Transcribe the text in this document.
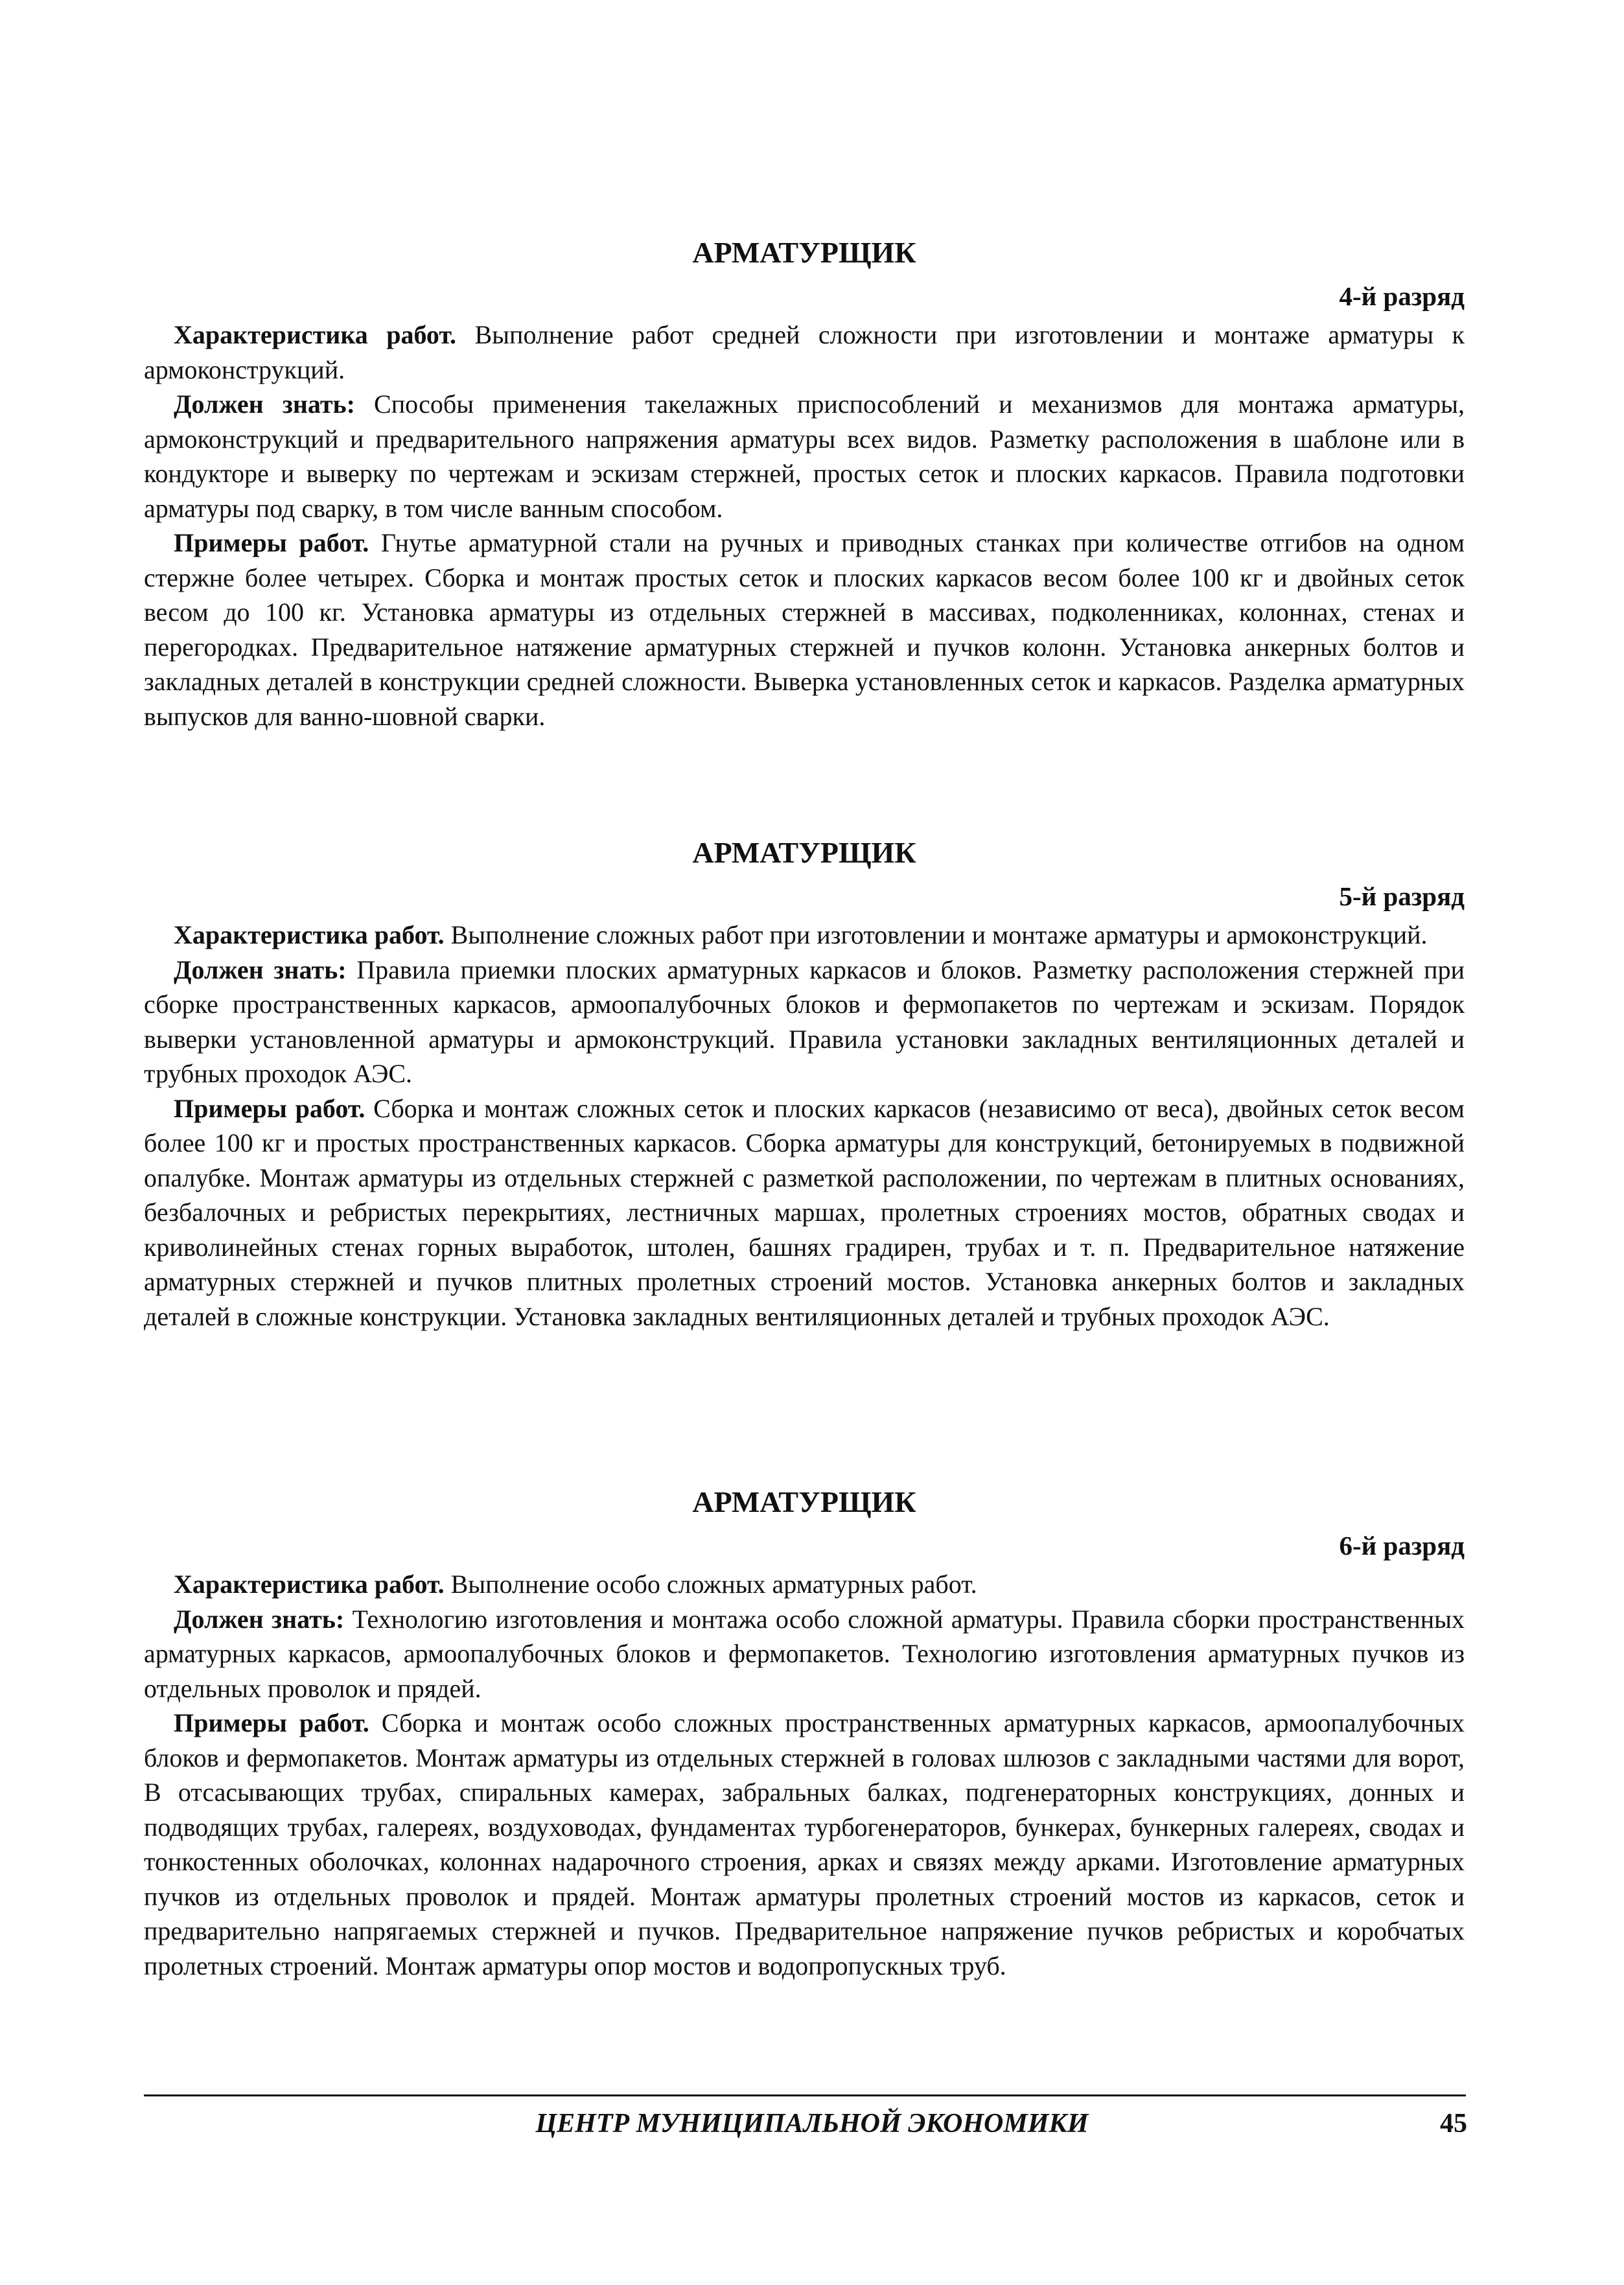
АРМАТУРЩИК
4-й разряд

Характеристика работ. Выполнение работ средней сложности при изготовлении и монтаже арматуры к армоконструкций.

Должен знать: Способы применения такелажных приспособлений и механизмов для монтажа арматуры, армоконструкций и предварительного напряжения арматуры всех видов. Разметку расположения в шаблоне или в кондукторе и выверку по чертежам и эскизам стержней, простых сеток и плоских каркасов. Правила подготовки арматуры под сварку, в том числе ванным способом.

Примеры работ. Гнутье арматурной стали на ручных и приводных станках при количестве отгибов на одном стержне более четырех. Сборка и монтаж простых сеток и плоских каркасов весом более 100 кг и двойных сеток весом до 100 кг. Установка арматуры из отдельных стержней в массивах, подколенниках, колоннах, стенах и перегородках. Предварительное натяжение арматурных стержней и пучков колонн. Установка анкерных болтов и закладных деталей в конструкции средней сложности. Выверка установленных сеток и каркасов. Разделка арматурных выпусков для ванно-шовной сварки.

АРМАТУРЩИК
5-й разряд

Характеристика работ. Выполнение сложных работ при изготовлении и монтаже арматуры и армоконструкций.

Должен знать: Правила приемки плоских арматурных каркасов и блоков. Разметку расположения стержней при сборке пространственных каркасов, армоопалубочных блоков и фермопакетов по чертежам и эскизам. Порядок выверки установленной арматуры и армоконструкций. Правила установки закладных вентиляционных деталей и трубных проходок АЭС.

Примеры работ. Сборка и монтаж сложных сеток и плоских каркасов (независимо от веса), двойных сеток весом более 100 кг и простых пространственных каркасов. Сборка арматуры для конструкций, бетонируемых в подвижной опалубке. Монтаж арматуры из отдельных стержней с разметкой расположении, по чертежам в плитных основаниях, безбалочных и ребристых перекрытиях, лестничных маршах, пролетных строениях мостов, обратных сводах и криволинейных стенах горных выработок, штолен, башнях градирен, трубах и т. п. Предварительное натяжение арматурных стержней и пучков плитных пролетных строений мостов. Установка анкерных болтов и закладных деталей в сложные конструкции. Установка закладных вентиляционных деталей и трубных проходок АЭС.

АРМАТУРЩИК
6-й разряд

Характеристика работ. Выполнение особо сложных арматурных работ.

Должен знать: Технологию изготовления и монтажа особо сложной арматуры. Правила сборки пространственных арматурных каркасов, армоопалубочных блоков и фермопакетов. Технологию изготовления арматурных пучков из отдельных проволок и прядей.

Примеры работ. Сборка и монтаж особо сложных пространственных арматурных каркасов, армоопалубочных блоков и фермопакетов. Монтаж арматуры из отдельных стержней в головах шлюзов с закладными частями для ворот, В отсасывающих трубах, спиральных камерах, забральных балках, подгенераторных конструкциях, донных и подводящих трубах, галереях, воздуховодах, фундаментах турбогенераторов, бункерах, бункерных галереях, сводах и тонкостенных оболочках, колоннах надарочного строения, арках и связях между арками. Изготовление арматурных пучков из отдельных проволок и прядей. Монтаж арматуры пролетных строений мостов из каркасов, сеток и предварительно напрягаемых стержней и пучков. Предварительное напряжение пучков ребристых и коробчатых пролетных строений. Монтаж арматуры опор мостов и водопропускных труб.

ЦЕНТР МУНИЦИПАЛЬНОЙ ЭКОНОМИКИ	45
